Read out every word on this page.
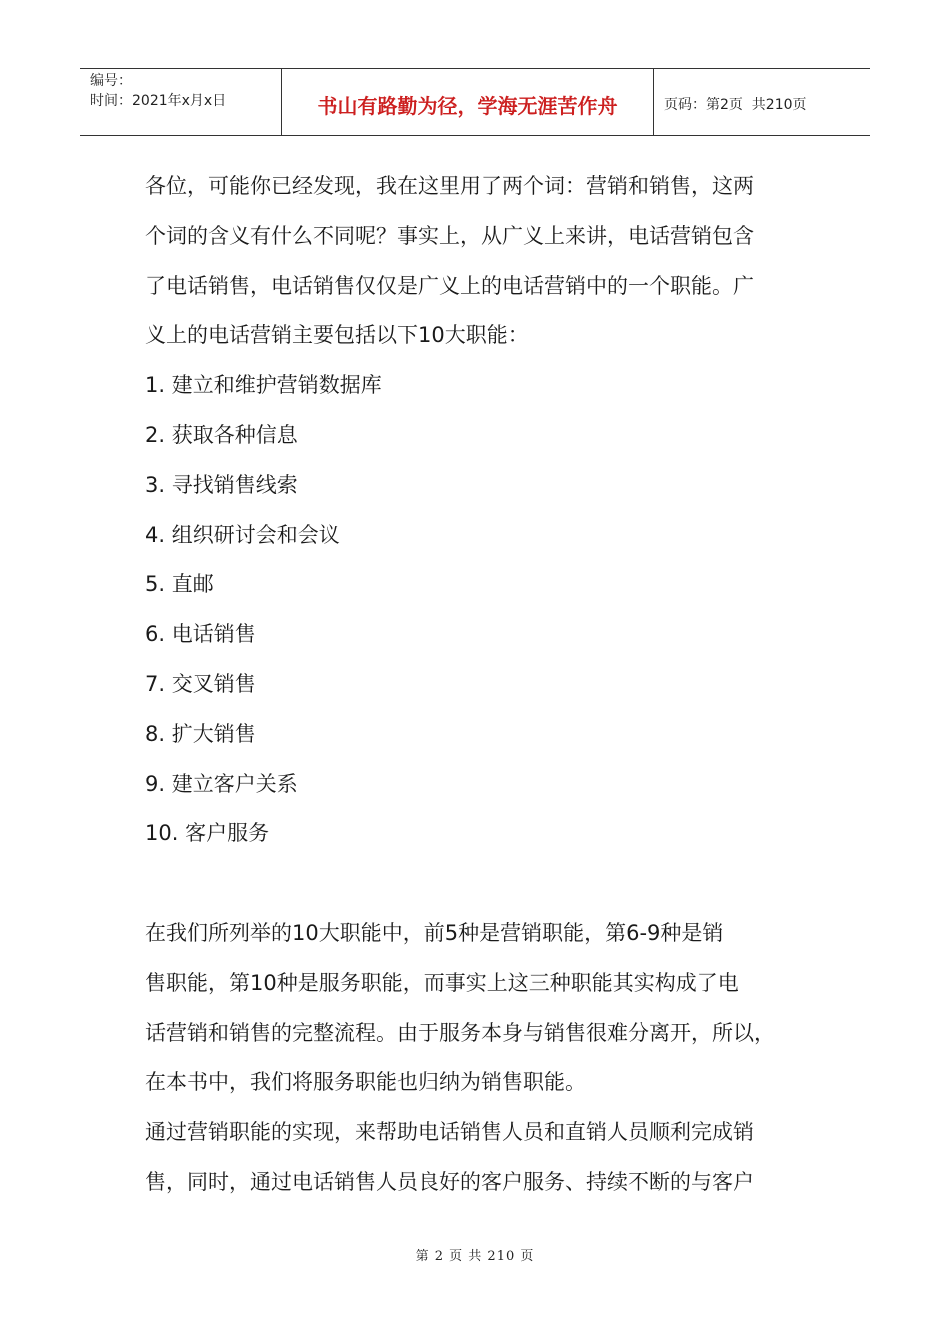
编号：
时间：2021年x月x日	书山有路勤为径，学海无涯苦作舟	页码：第2页  共210页

各位，可能你已经发现，我在这里用了两个词：营销和销售，这两
个词的含义有什么不同呢？事实上，从广义上来讲，电话营销包含
了电话销售，电话销售仅仅是广义上的电话营销中的一个职能。广
义上的电话营销主要包括以下10大职能：

1. 建立和维护营销数据库
2. 获取各种信息
3. 寻找销售线索
4. 组织研讨会和会议
5. 直邮
6. 电话销售
7. 交叉销售
8. 扩大销售
9. 建立客户关系
10. 客户服务

在我们所列举的10大职能中，前5种是营销职能，第6-9种是销
售职能，第10种是服务职能，而事实上这三种职能其实构成了电
话营销和销售的完整流程。由于服务本身与销售很难分离开，所以，
在本书中，我们将服务职能也归纳为销售职能。

通过营销职能的实现，来帮助电话销售人员和直销人员顺利完成销
售，同时，通过电话销售人员良好的客户服务、持续不断的与客户

第 2 页 共 210 页
